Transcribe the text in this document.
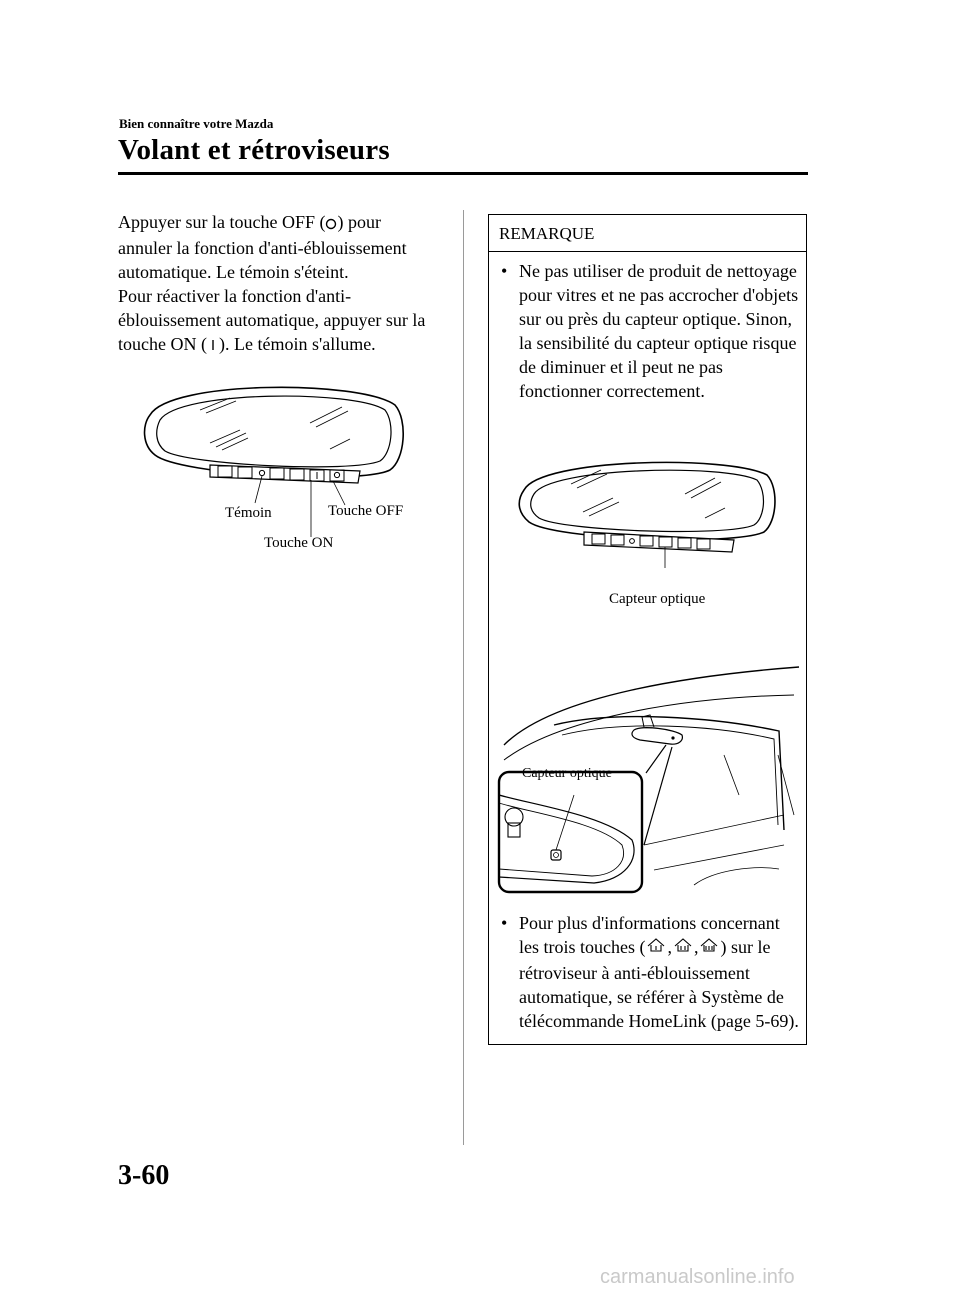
Bien connaître votre Mazda
Volant et rétroviseurs

Appuyer sur la touche OFF ( ) pour annuler la fonction d'anti-éblouissement automatique. Le témoin s'éteint.

Pour réactiver la fonction d'anti-éblouissement automatique, appuyer sur la touche ON ( ). Le témoin s'allume.

Témoin	Touche OFF
Touche ON
REMARQUE
• Ne pas utiliser de produit de nettoyage pour vitres et ne pas accrocher d'objets sur ou près du capteur optique. Sinon, la sensibilité du capteur optique risque de diminuer et il peut ne pas fonctionner correctement.
Capteur optique
Capteur optique
• Pour plus d'informations concernant les trois touches ( , , ) sur le rétroviseur à anti-éblouissement automatique, se référer à Système de télécommande HomeLink (page 5-69).
3-60
carmanualsonline.info
